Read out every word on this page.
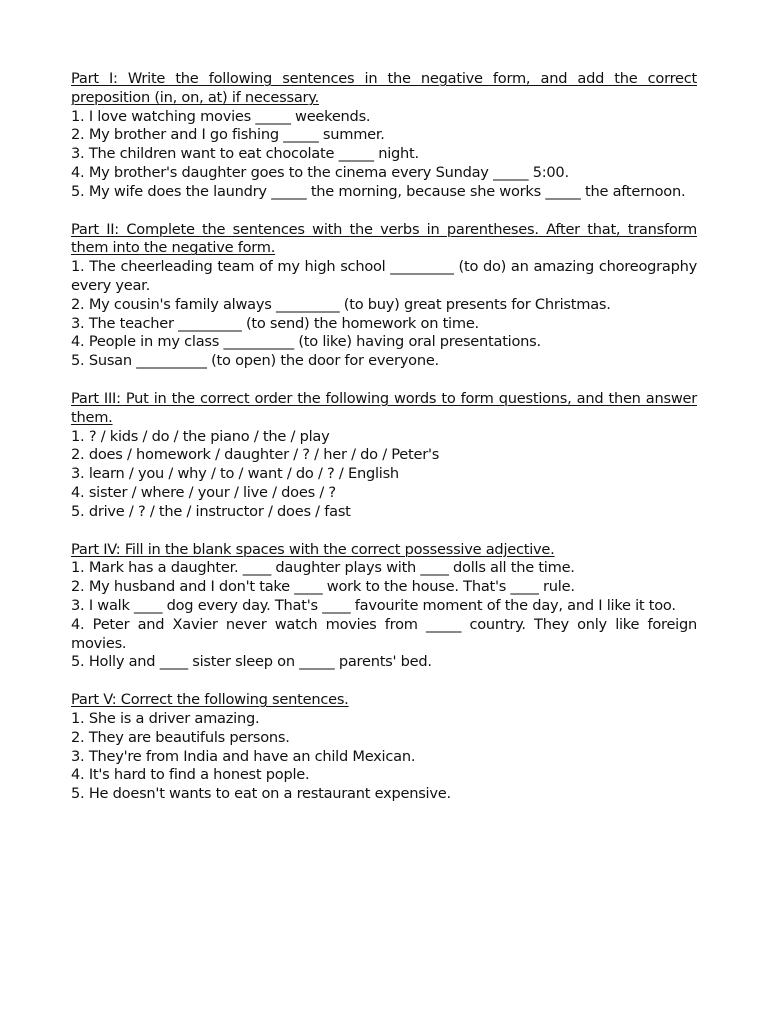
Part I: Write the following sentences in the negative form, and add the correct preposition (in, on, at) if necessary.

1. I love watching movies _____ weekends.

2. My brother and I go fishing _____ summer.

3. The children want to eat chocolate _____ night.

4. My brother's daughter goes to the cinema every Sunday _____ 5:00.

5. My wife does the laundry _____ the morning, because she works _____ the afternoon.

Part II: Complete the sentences with the verbs in parentheses. After that, transform them into the negative form.

1. The cheerleading team of my high school _________ (to do) an amazing choreography every year.

2. My cousin's family always _________ (to buy) great presents for Christmas.

3. The teacher _________ (to send) the homework on time.

4. People in my class __________ (to like) having oral presentations.

5. Susan __________ (to open) the door for everyone.

Part III: Put in the correct order the following words to form questions, and then answer them.

1. ? / kids / do / the piano / the / play

2. does / homework / daughter / ? / her / do / Peter's

3. learn / you / why / to / want / do / ? / English

4. sister / where / your / live / does / ?

5. drive / ? / the / instructor / does / fast

Part IV: Fill in the blank spaces with the correct possessive adjective.

1. Mark has a daughter. ____ daughter plays with ____ dolls all the time.

2. My husband and I don't take ____ work to the house. That's ____ rule.

3. I walk ____ dog every day. That's ____ favourite moment of the day, and I like it too.

4. Peter and Xavier never watch movies from _____ country. They only like foreign movies.

5. Holly and ____ sister sleep on _____ parents' bed.

Part V: Correct the following sentences.

1. She is a driver amazing.

2. They are beautifuls persons.

3. They're from India and have an child Mexican.

4. It's hard to find a honest pople.

5. He doesn't wants to eat on a restaurant expensive.
